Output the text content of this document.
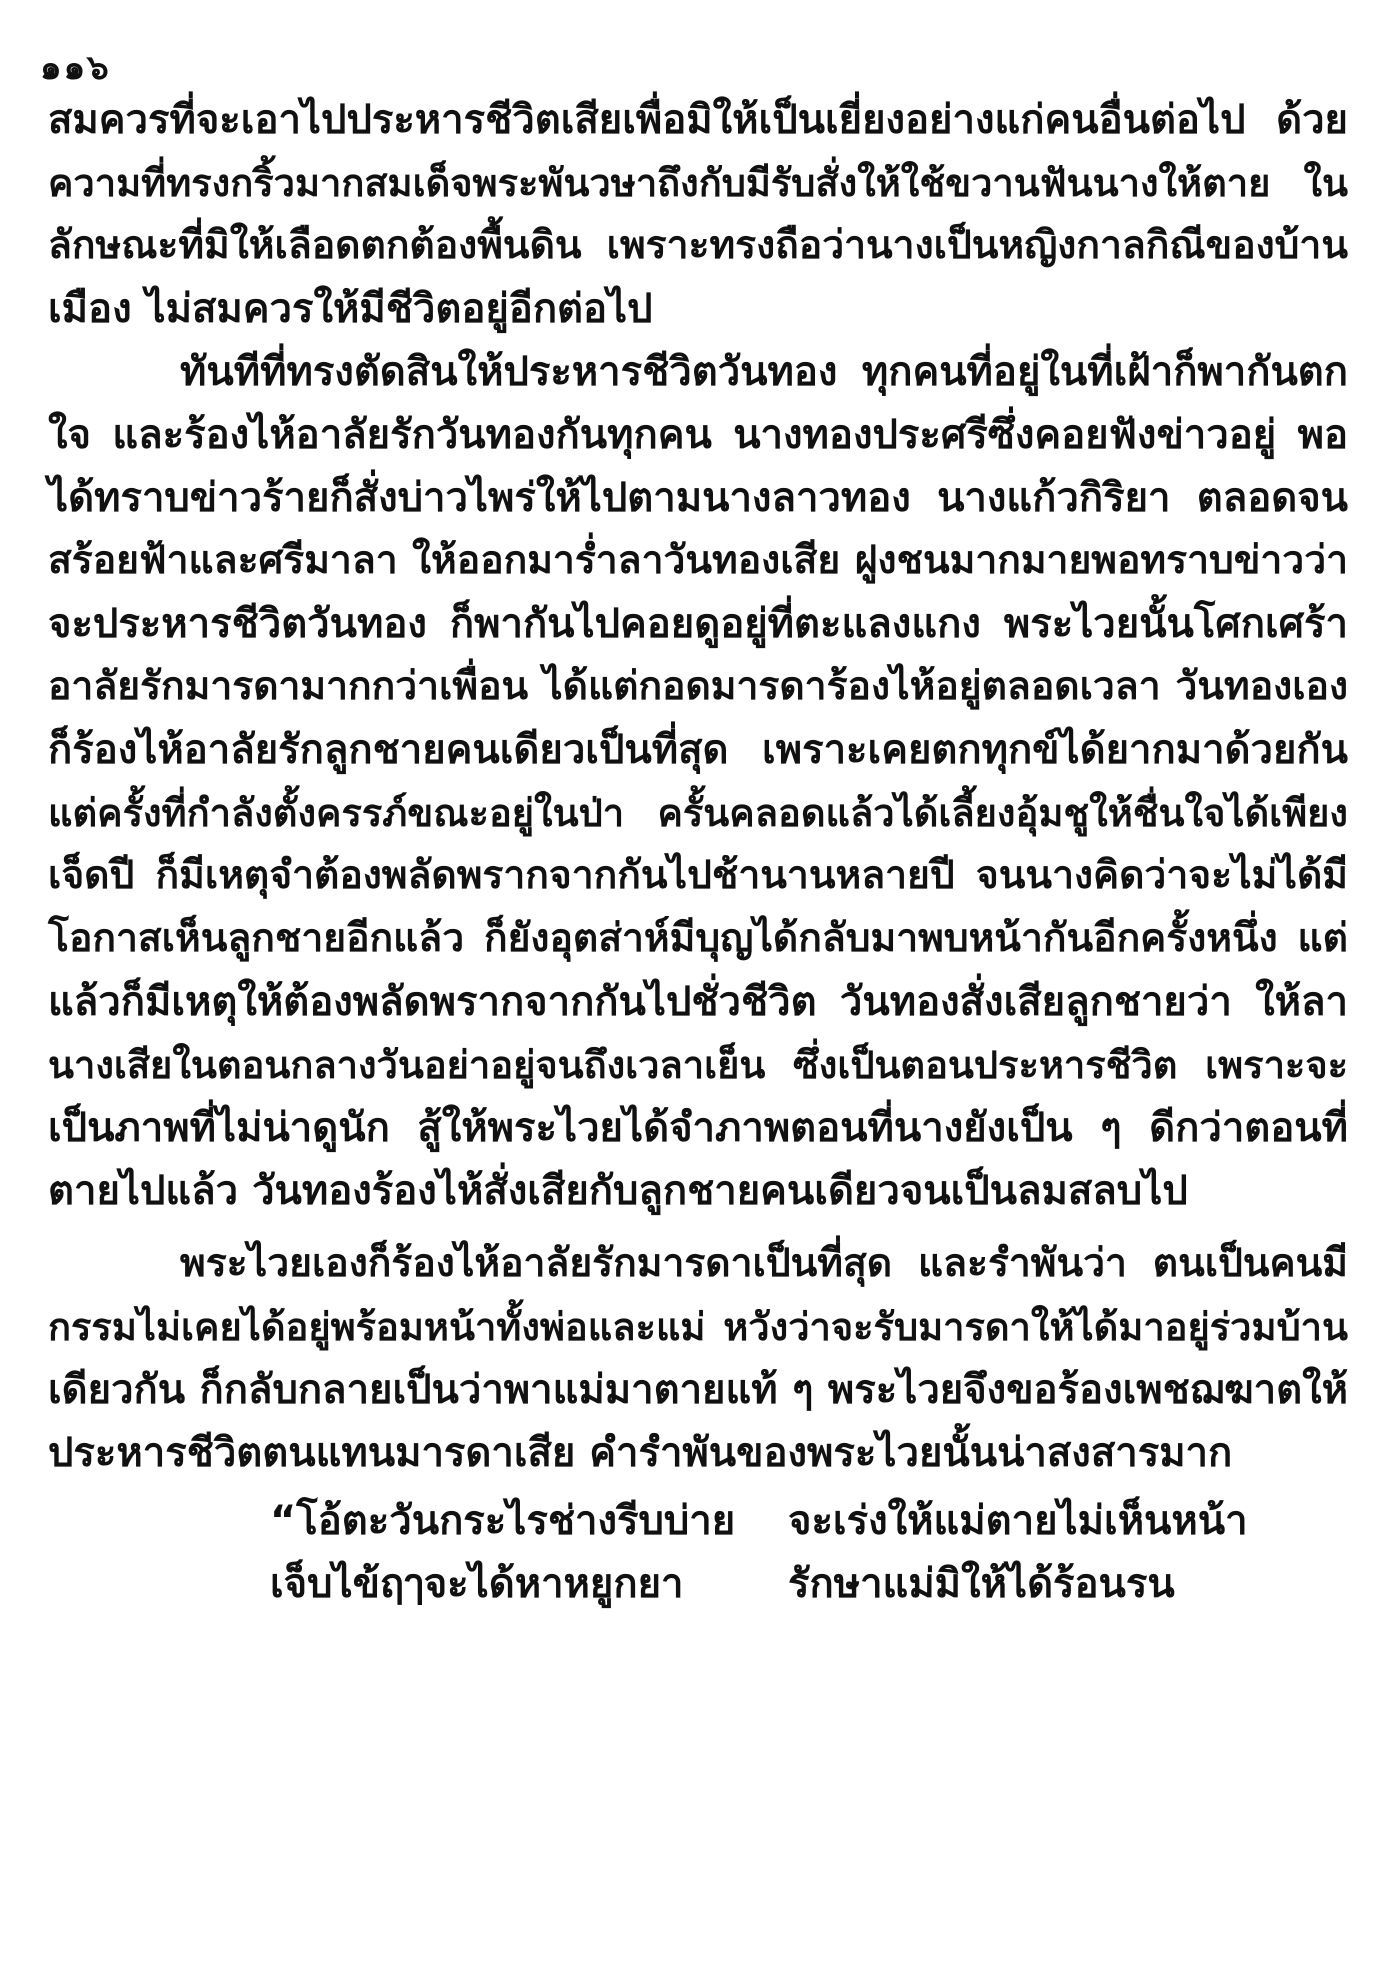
๑๑๖
สมควรที่จะเอาไปประหารชีวิตเสียเพื่อมิให้เป็นเยี่ยงอย่างแก่คนอื่นต่อไป ด้วย
ความที่ทรงกริ้วมากสมเด็จพระพันวษาถึงกับมีรับสั่งให้ใช้ขวานฟันนางให้ตาย ใน
ลักษณะที่มิให้เลือดตกต้องพื้นดิน เพราะทรงถือว่านางเป็นหญิงกาลกิณีของบ้าน
เมือง ไม่สมควรให้มีชีวิตอยู่อีกต่อไป
ทันทีที่ทรงตัดสินให้ประหารชีวิตวันทอง ทุกคนที่อยู่ในที่เฝ้าก็พากันตก
ใจ และร้องไห้อาลัยรักวันทองกันทุกคน นางทองประศรีซึ่งคอยฟังข่าวอยู่ พอ
ได้ทราบข่าวร้ายก็สั่งบ่าวไพร่ให้ไปตามนางลาวทอง นางแก้วกิริยา ตลอดจน
สร้อยฟ้าและศรีมาลา ให้ออกมาร่ำลาวันทองเสีย ฝูงชนมากมายพอทราบข่าวว่า
จะประหารชีวิตวันทอง ก็พากันไปคอยดูอยู่ที่ตะแลงแกง พระไวยนั้นโศกเศร้า
อาลัยรักมารดามากกว่าเพื่อน ได้แต่กอดมารดาร้องไห้อยู่ตลอดเวลา วันทองเอง
ก็ร้องไห้อาลัยรักลูกชายคนเดียวเป็นที่สุด เพราะเคยตกทุกข์ได้ยากมาด้วยกัน
แต่ครั้งที่กำลังตั้งครรภ์ขณะอยู่ในป่า ครั้นคลอดแล้วได้เลี้ยงอุ้มชูให้ชื่นใจได้เพียง
เจ็ดปี ก็มีเหตุจำต้องพลัดพรากจากกันไปช้านานหลายปี จนนางคิดว่าจะไม่ได้มี
โอกาสเห็นลูกชายอีกแล้ว ก็ยังอุตส่าห์มีบุญได้กลับมาพบหน้ากันอีกครั้งหนึ่ง แต่
แล้วก็มีเหตุให้ต้องพลัดพรากจากกันไปชั่วชีวิต วันทองสั่งเสียลูกชายว่า ให้ลา
นางเสียในตอนกลางวันอย่าอยู่จนถึงเวลาเย็น ซึ่งเป็นตอนประหารชีวิต เพราะจะ
เป็นภาพที่ไม่น่าดูนัก สู้ให้พระไวยได้จำภาพตอนที่นางยังเป็น ๆ ดีกว่าตอนที่
ตายไปแล้ว วันทองร้องไห้สั่งเสียกับลูกชายคนเดียวจนเป็นลมสลบไป
พระไวยเองก็ร้องไห้อาลัยรักมารดาเป็นที่สุด และรำพันว่า ตนเป็นคนมี
กรรมไม่เคยได้อยู่พร้อมหน้าทั้งพ่อและแม่ หวังว่าจะรับมารดาให้ได้มาอยู่ร่วมบ้าน
เดียวกัน ก็กลับกลายเป็นว่าพาแม่มาตายแท้ ๆ พระไวยจึงขอร้องเพชฌฆาตให้
ประหารชีวิตตนแทนมารดาเสีย คำรำพันของพระไวยนั้นน่าสงสารมาก
“โอ้ตะวันกระไรช่างรีบบ่าย จะเร่งให้แม่ตายไม่เห็นหน้า
เจ็บไข้ฤๅจะได้หาหยูกยา	รักษาแม่มิให้ได้ร้อนรน
